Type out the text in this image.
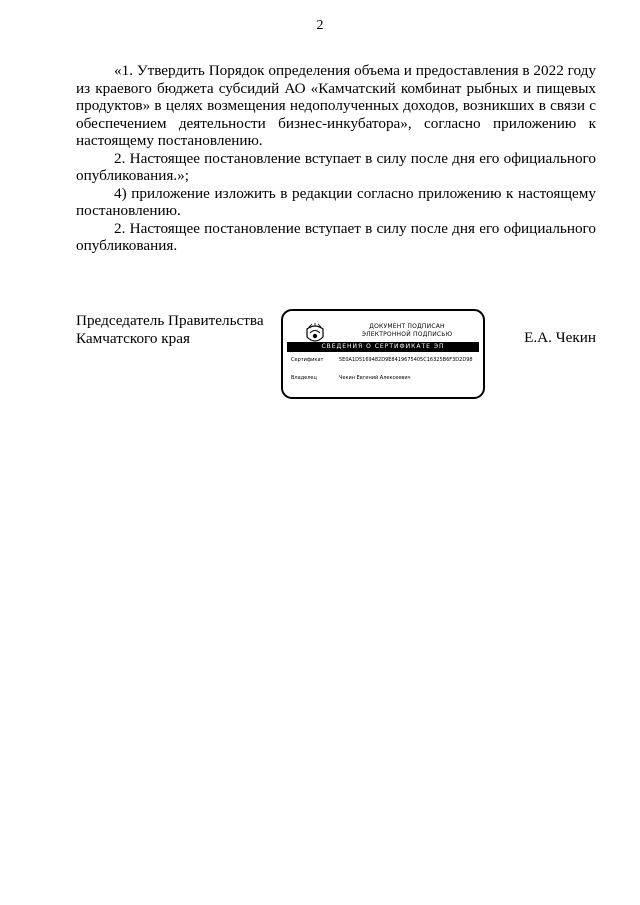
2

«1. Утвердить Порядок определения объема и предоставления в 2022 году из краевого бюджета субсидий АО «Камчатский комбинат рыбных и пищевых продуктов» в целях возмещения недополученных доходов, возникших в связи с обеспечением деятельности бизнес-инкубатора», согласно приложению к настоящему постановлению.

2. Настоящее постановление вступает в силу после дня его официального опубликования.»;

4) приложение изложить в редакции согласно приложению к настоящему постановлению.

2. Настоящее постановление вступает в силу после дня его официального опубликования.

Председатель Правительства
Камчатского края	Е.А. Чекин
ДОКУМЕНТ ПОДПИСАН
ЭЛЕКТРОННОЙ ПОДПИСЬЮ
СВЕДЕНИЯ О СЕРТИФИКАТЕ ЭП
Сертификат	5E0A1D5169482D9E8419675405C16325B6F3D2D98
Владелец	Чекин Евгений Алексеевич
